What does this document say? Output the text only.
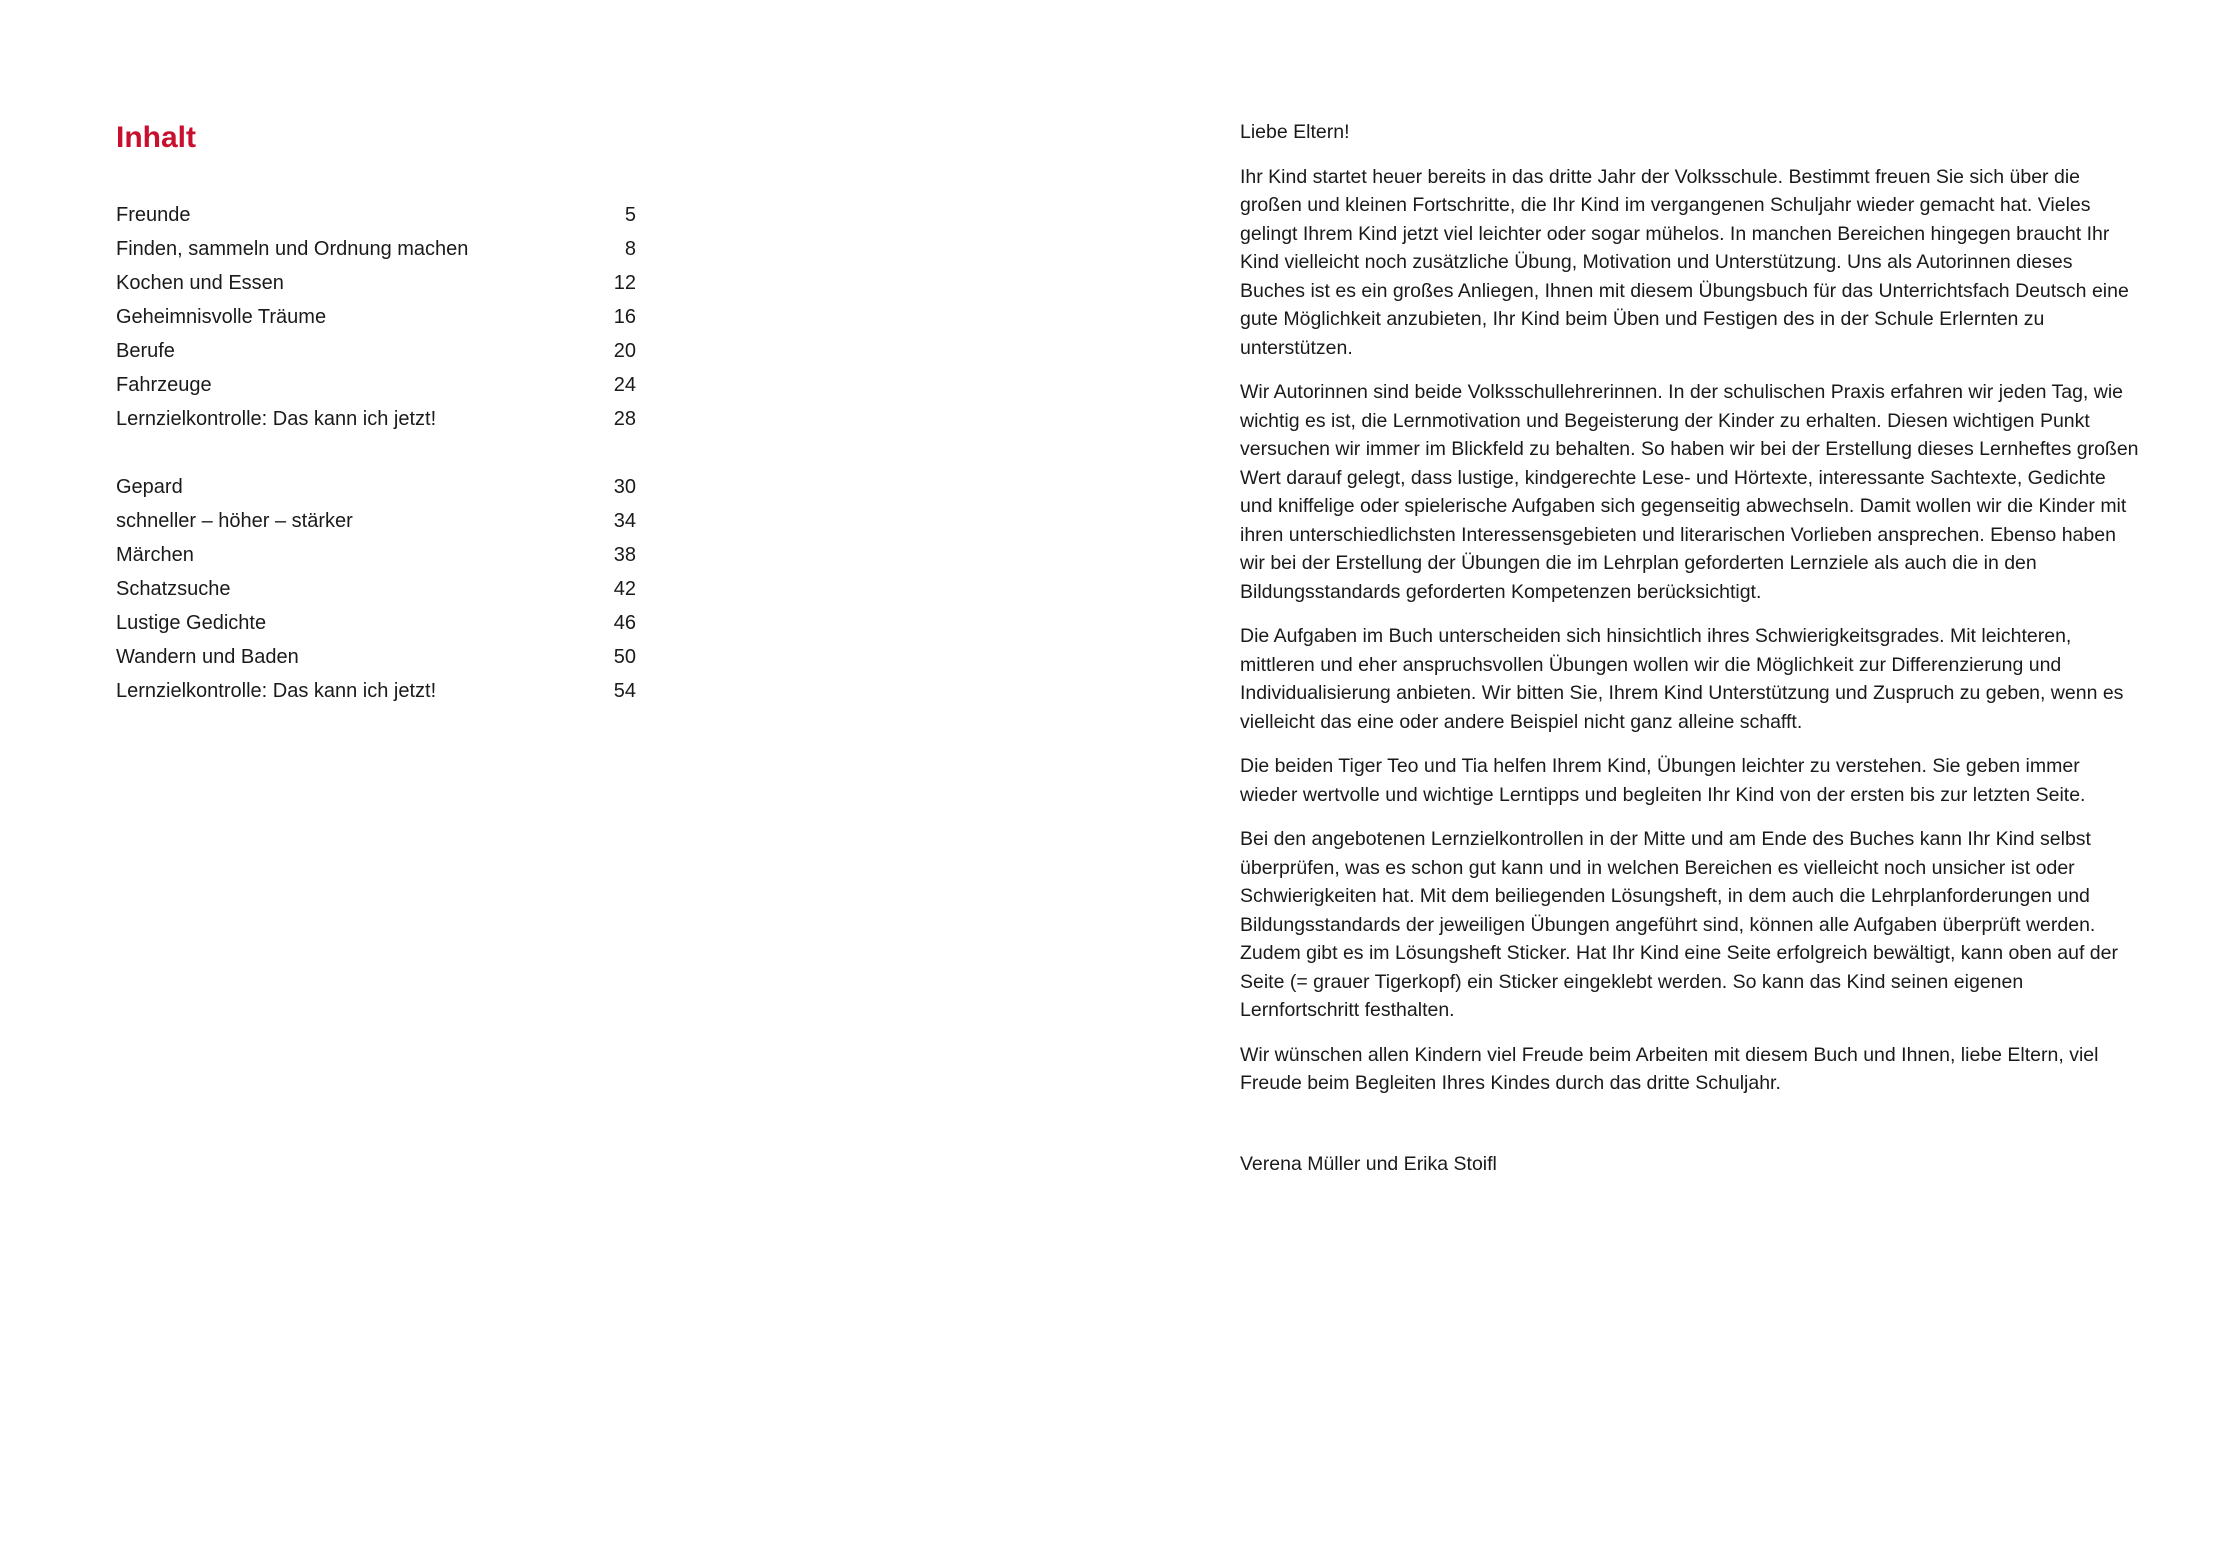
Inhalt
Freunde	5
Finden, sammeln und Ordnung machen	8
Kochen und Essen	12
Geheimnisvolle Träume	16
Berufe	20
Fahrzeuge	24
Lernzielkontrolle: Das kann ich jetzt!	28
Gepard	30
schneller – höher – stärker	34
Märchen	38
Schatzsuche	42
Lustige Gedichte	46
Wandern und Baden	50
Lernzielkontrolle: Das kann ich jetzt!	54

Liebe Eltern!

Ihr Kind startet heuer bereits in das dritte Jahr der Volksschule. Bestimmt freuen Sie sich über die großen und kleinen Fortschritte, die Ihr Kind im vergangenen Schuljahr wieder gemacht hat. Vieles gelingt Ihrem Kind jetzt viel leichter oder sogar mühelos. In manchen Bereichen hingegen braucht Ihr Kind vielleicht noch zusätzliche Übung, Motivation und Unterstützung. Uns als Autorinnen dieses Buches ist es ein großes Anliegen, Ihnen mit diesem Übungsbuch für das Unterrichtsfach Deutsch eine gute Möglichkeit anzubieten, Ihr Kind beim Üben und Festigen des in der Schule Erlernten zu unterstützen.

Wir Autorinnen sind beide Volksschullehrerinnen. In der schulischen Praxis erfahren wir jeden Tag, wie wichtig es ist, die Lernmotivation und Begeisterung der Kinder zu erhalten. Diesen wichtigen Punkt versuchen wir immer im Blickfeld zu behalten. So haben wir bei der Erstellung dieses Lernheftes großen Wert darauf gelegt, dass lustige, kindgerechte Lese- und Hörtexte, interessante Sachtexte, Gedichte und kniffelige oder spielerische Aufgaben sich gegenseitig abwechseln. Damit wollen wir die Kinder mit ihren unterschiedlichsten Interessensgebieten und literarischen Vorlieben ansprechen. Ebenso haben wir bei der Erstellung der Übungen die im Lehrplan geforderten Lernziele als auch die in den Bildungsstandards geforderten Kompetenzen berücksichtigt.

Die Aufgaben im Buch unterscheiden sich hinsichtlich ihres Schwierigkeitsgrades. Mit leichteren, mittleren und eher anspruchsvollen Übungen wollen wir die Möglichkeit zur Differenzierung und Individualisierung anbieten. Wir bitten Sie, Ihrem Kind Unterstützung und Zuspruch zu geben, wenn es vielleicht das eine oder andere Beispiel nicht ganz alleine schafft.

Die beiden Tiger Teo und Tia helfen Ihrem Kind, Übungen leichter zu verstehen. Sie geben immer wieder wertvolle und wichtige Lerntipps und begleiten Ihr Kind von der ersten bis zur letzten Seite.

Bei den angebotenen Lernzielkontrollen in der Mitte und am Ende des Buches kann Ihr Kind selbst überprüfen, was es schon gut kann und in welchen Bereichen es vielleicht noch unsicher ist oder Schwierigkeiten hat. Mit dem beiliegenden Lösungsheft, in dem auch die Lehrplanforderungen und Bildungsstandards der jeweiligen Übungen angeführt sind, können alle Aufgaben überprüft werden. Zudem gibt es im Lösungsheft Sticker. Hat Ihr Kind eine Seite erfolgreich bewältigt, kann oben auf der Seite (= grauer Tigerkopf) ein Sticker eingeklebt werden. So kann das Kind seinen eigenen Lernfortschritt festhalten.

Wir wünschen allen Kindern viel Freude beim Arbeiten mit diesem Buch und Ihnen, liebe Eltern, viel Freude beim Begleiten Ihres Kindes durch das dritte Schuljahr.

Verena Müller und Erika Stoifl
